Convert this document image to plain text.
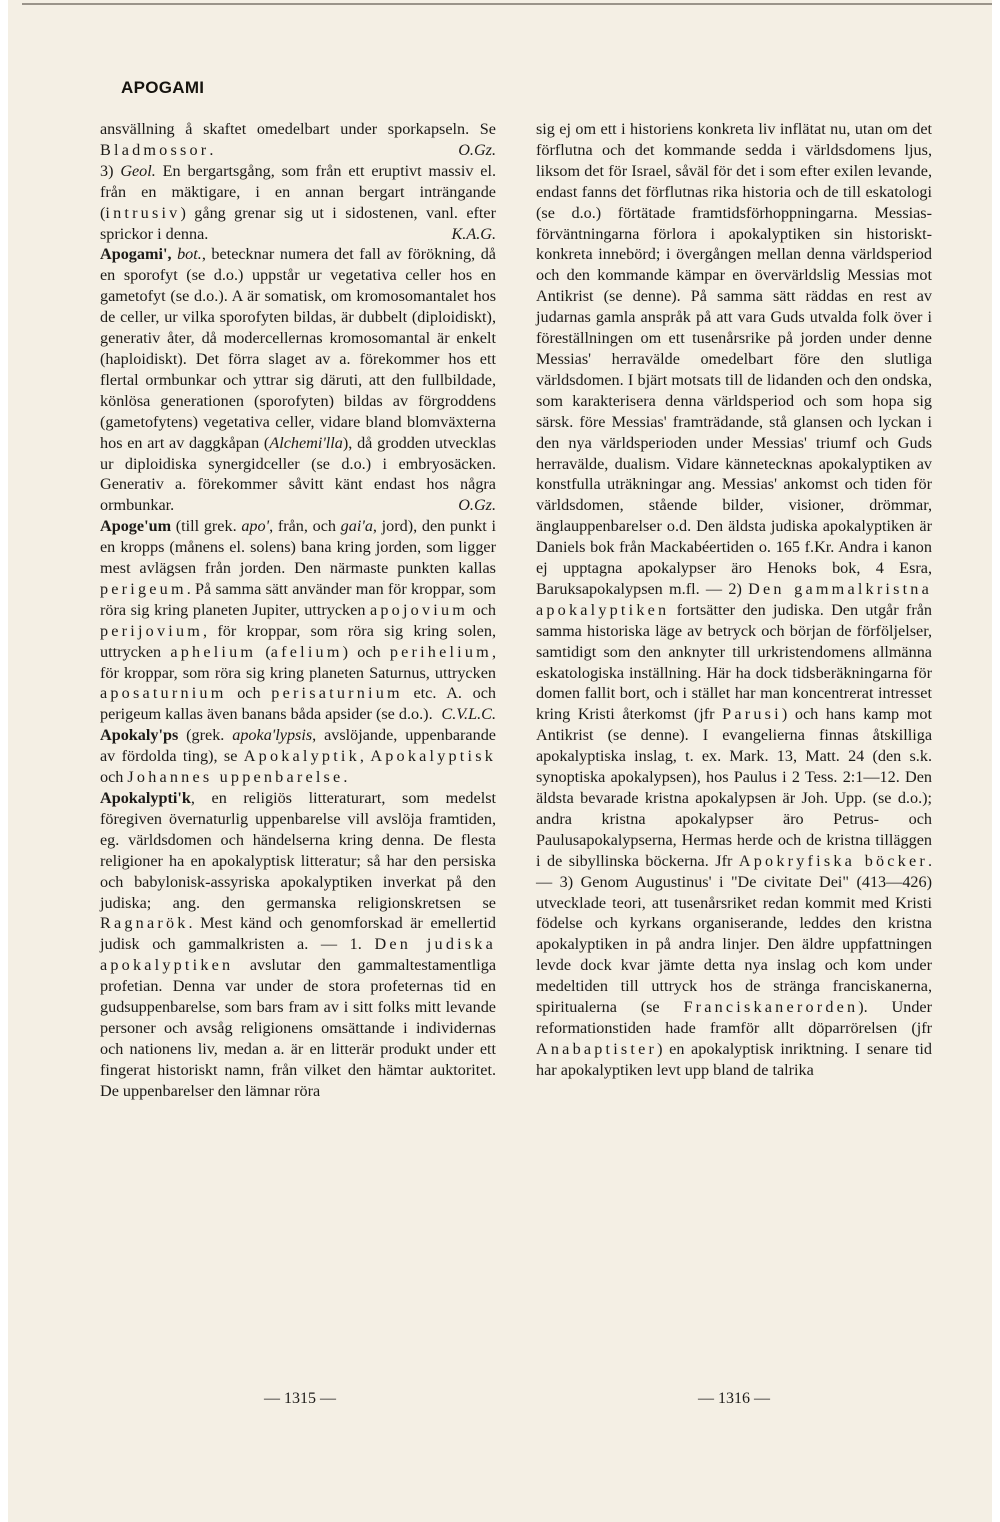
APOGAMI

ansvällning å skaftet omedelbart under sporkapseln. Se Bladmossor.	O.Gz.

3) Geol. En bergartsgång, som från ett eruptivt massiv el. från en mäktigare, i en annan bergart inträngande (intrusiv) gång grenar sig ut i sidostenen, vanl. efter sprickor i denna.	K.A.G.

Apogami', bot., betecknar numera det fall av förökning, då en sporofyt (se d.o.) uppstår ur vegetativa celler hos en gametofyt (se d.o.). A är somatisk, om kromosomantalet hos de celler, ur vilka sporofyten bildas, är dubbelt (diploidiskt), generativ åter, då modercellernas kromosomantal är enkelt (haploidiskt). Det förra slaget av a. förekommer hos ett flertal ormbunkar och yttrar sig däruti, att den fullbildade, könlösa generationen (sporofyten) bildas av förgroddens (gametofytens) vegetativa celler, vidare bland blomväxterna hos en art av daggkåpan (Alchemi'lla), då grodden utvecklas ur diploidiska synergidceller (se d.o.) i embryosäcken. Generativ a. förekommer såvitt känt endast hos några ormbunkar.	O.Gz.

Apoge'um (till grek. apo', från, och gai'a, jord), den punkt i en kropps (månens el. solens) bana kring jorden, som ligger mest avlägsen från jorden. Den närmaste punkten kallas perigeum. På samma sätt använder man för kroppar, som röra sig kring planeten Jupiter, uttrycken apojovium och perijovium, för kroppar, som röra sig kring solen, uttrycken aphelium (afelium) och perihelium, för kroppar, som röra sig kring planeten Saturnus, uttrycken aposaturnium och perisaturnium etc. A. och perigeum kallas även banans båda apsider (se d.o.). C.V.L.C.

Apokaly'ps (grek. apoka'lypsis, avslöjande, uppenbarande av fördolda ting), se Apokalyptik, Apokalyptisk och Johannes uppenbarelse.

Apokalypti'k, en religiös litteraturart, som medelst föregiven övernaturlig uppenbarelse vill avslöja framtiden, eg. världsdomen och händelserna kring denna. De flesta religioner ha en apokalyptisk litteratur; så har den persiska och babylonisk-assyriska apokalyptiken inverkat på den judiska; ang. den germanska religionskretsen se Ragnarök. Mest känd och genomforskad är emellertid judisk och gammalkristen a. — 1. Den judiska apokalyptiken avslutar den gammaltestamentliga profetian. Denna var under de stora profeternas tid en gudsuppenbarelse, som bars fram av i sitt folks mitt levande personer och avsåg religionens omsättande i individernas och nationens liv, medan a. är en litterär produkt under ett fingerat historiskt namn, från vilket den hämtar auktoritet. De uppenbarelser den lämnar röra

sig ej om ett i historiens konkreta liv inflätat nu, utan om det förflutna och det kommande sedda i världsdomens ljus, liksom det för Israel, såväl för det i som efter exilen levande, endast fanns det förflutnas rika historia och de till eskatologi (se d.o.) förtätade framtidsförhoppningarna. Messias-förväntningarna förlora i apokalyptiken sin historiskt-konkreta innebörd; i övergången mellan denna världsperiod och den kommande kämpar en övervärldslig Messias mot Antikrist (se denne). På samma sätt räddas en rest av judarnas gamla anspråk på att vara Guds utvalda folk över i föreställningen om ett tusenårsrike på jorden under denne Messias' herravälde omedelbart före den slutliga världsdomen. I bjärt motsats till de lidanden och den ondska, som karakterisera denna världsperiod och som hopa sig särsk. före Messias' framträdande, stå glansen och lyckan i den nya världsperioden under Messias' triumf och Guds herravälde, dualism. Vidare kännetecknas apokalyptiken av konstfulla uträkningar ang. Messias' ankomst och tiden för världsdomen, stående bilder, visioner, drömmar, änglauppenbarelser o.d. Den äldsta judiska apokalyptiken är Daniels bok från Mackabéertiden o. 165 f.Kr. Andra i kanon ej upptagna apokalypser äro Henoks bok, 4 Esra, Baruksapokalypsen m.fl. — 2) Den gammalkristna apokalyptiken fortsätter den judiska. Den utgår från samma historiska läge av betryck och början de förföljelser, samtidigt som den anknyter till urkristendomens allmänna eskatologiska inställning. Här ha dock tidsberäkningarna för domen fallit bort, och i stället har man koncentrerat intresset kring Kristi återkomst (jfr Parusi) och hans kamp mot Antikrist (se denne). I evangelierna finnas åtskilliga apokalyptiska inslag, t. ex. Mark. 13, Matt. 24 (den s.k. synoptiska apokalypsen), hos Paulus i 2 Tess. 2:1—12. Den äldsta bevarade kristna apokalypsen är Joh. Upp. (se d.o.); andra kristna apokalypser äro Petrus- och Paulusapokalypserna, Hermas herde och de kristna tilläggen i de sibyllinska böckerna. Jfr Apokryfiska böcker. — 3) Genom Augustinus' i "De civitate Dei" (413—426) utvecklade teori, att tusenårsriket redan kommit med Kristi födelse och kyrkans organiserande, leddes den kristna apokalyptiken in på andra linjer. Den äldre uppfattningen levde dock kvar jämte detta nya inslag och kom under medeltiden till uttryck hos de stränga franciskanerna, spiritualerna (se Franciskanerorden). Under reformationstiden hade framför allt döparrörelsen (jfr Anabaptister) en apokalyptisk inriktning. I senare tid har apokalyptiken levt upp bland de talrika

— 1315 —	— 1316 —
